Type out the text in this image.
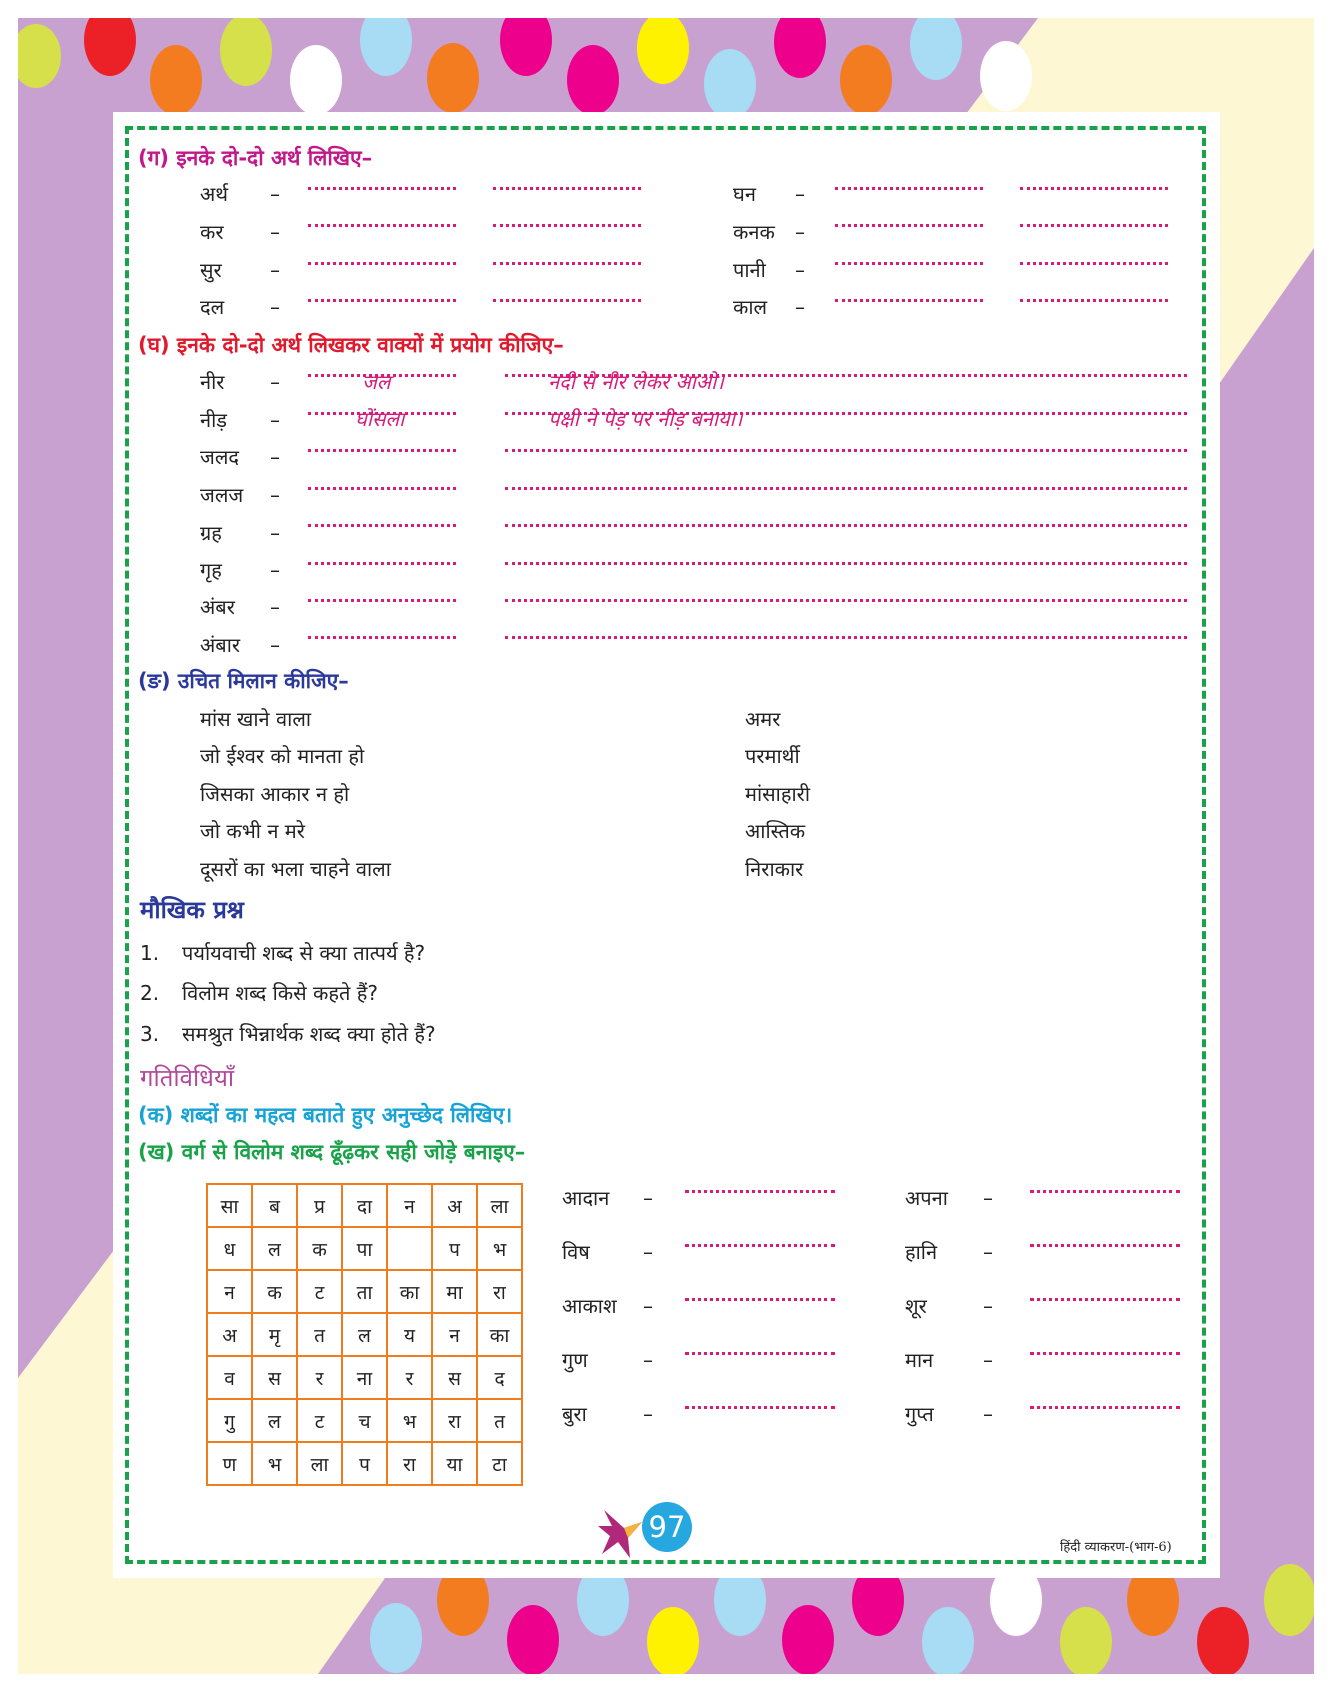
(ग) इनके दो-दो अर्थ लिखिए–
अर्थ –	घन –
कर –	कनक –
सुर –	पानी –
दल –	काल –
(घ) इनके दो-दो अर्थ लिखकर वाक्यों में प्रयोग कीजिए–
नीर –	जल	नदी से नीर लेकर आओ।
नीड़ –	घोंसला	पक्षी ने पेड़ पर नीड़ बनाया।
जलद –
जलज –
ग्रह –
गृह –
अंबर –
अंबार –
(ङ) उचित मिलान कीजिए–
मांस खाने वाला	अमर
जो ईश्वर को मानता हो	परमार्थी
जिसका आकार न हो	मांसाहारी
जो कभी न मरे	आस्तिक
दूसरों का भला चाहने वाला	निराकार
मौखिक प्रश्न
1. पर्यायवाची शब्द से क्या तात्पर्य है?
2. विलोम शब्द किसे कहते हैं?
3. समश्रुत भिन्नार्थक शब्द क्या होते हैं?
गतिविधियाँ
(क) शब्दों का महत्व बताते हुए अनुच्छेद लिखिए।
(ख) वर्ग से विलोम शब्द ढूँढ़कर सही जोड़े बनाइए–
सा	ब	प्र	दा	न	अ	ला
ध	ल	क	पा		प	भ
न	क	ट	ता	का	मा	रा
अ	मृ	त	ल	य	न	का
व	स	र	ना	र	स	द
गु	ल	ट	च	भ	रा	त
ण	भ	ला	प	रा	या	टा
आदान –	अपना –
विष	–	हानि –
आकाश –	शूर	–
गुण	–	मान –
बुरा	–	गुप्त –
97
हिंदी व्याकरण-(भाग-6)
